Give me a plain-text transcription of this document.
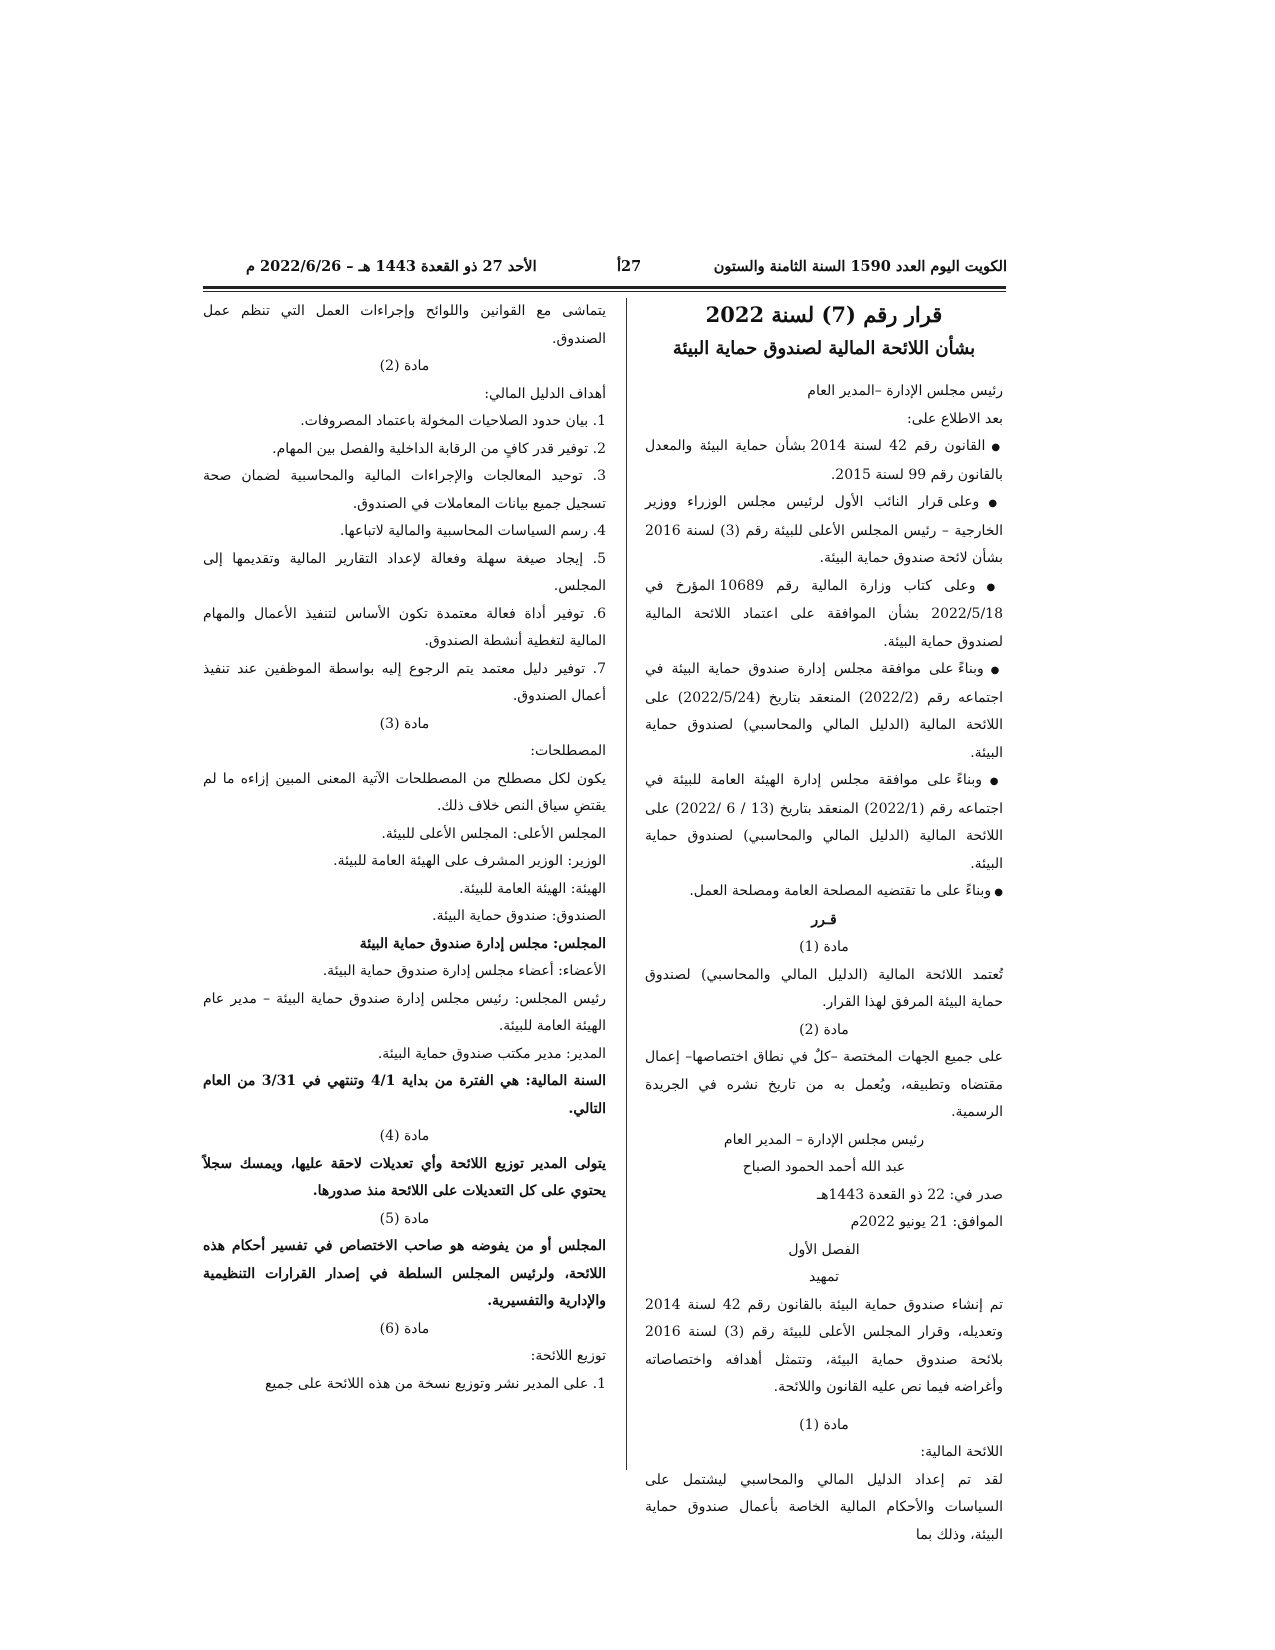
الكويت اليوم العدد 1590 السنة الثامنة والستون
27أ
الأحد 27 ذو القعدة 1443 هـ – 2022/6/26 م

قرار رقم (7) لسنة 2022

بشأن اللائحة المالية لصندوق حماية البيئة

رئيس مجلس الإدارة –المدير العام

بعد الاطلاع على:

● القانون رقم 42 لسنة 2014 بشأن حماية البيئة والمعدل بالقانون رقم 99 لسنة 2015.

● وعلى قرار النائب الأول لرئيس مجلس الوزراء ووزير الخارجية – رئيس المجلس الأعلى للبيئة رقم (3) لسنة 2016 بشأن لائحة صندوق حماية البيئة.

● وعلى كتاب وزارة المالية رقم 10689 المؤرخ في 2022/5/18 بشأن الموافقة على اعتماد اللائحة المالية لصندوق حماية البيئة.

● وبناءً على موافقة مجلس إدارة صندوق حماية البيئة في اجتماعه رقم (2022/2) المنعقد بتاريخ (2022/5/24) على اللائحة المالية (الدليل المالي والمحاسبي) لصندوق حماية البيئة.

● وبناءً على موافقة مجلس إدارة الهيئة العامة للبيئة في اجتماعه رقم (2022/1) المنعقد بتاريخ (13 / 6 /2022) على اللائحة المالية (الدليل المالي والمحاسبي) لصندوق حماية البيئة.

● وبناءً على ما تقتضيه المصلحة العامة ومصلحة العمل.

قـرر

مادة (1)

تُعتمد اللائحة المالية (الدليل المالي والمحاسبي) لصندوق حماية البيئة المرفق لهذا القرار.

مادة (2)

على جميع الجهات المختصة –كلٌ في نطاق اختصاصها– إعمال مقتضاه وتطبيقه، ويُعمل به من تاريخ نشره في الجريدة الرسمية.

رئيس مجلس الإدارة – المدير العام

عبد الله أحمد الحمود الصباح

صدر في: 22 ذو القعدة 1443هـ

الموافق: 21 يونيو 2022م

الفصل الأول

تمهيد

تم إنشاء صندوق حماية البيئة بالقانون رقم 42 لسنة 2014 وتعديله، وقرار المجلس الأعلى للبيئة رقم (3) لسنة 2016 بلائحة صندوق حماية البيئة، وتتمثل أهدافه واختصاصاته وأغراضه فيما نص عليه القانون واللائحة.

مادة (1)

اللائحة المالية:

لقد تم إعداد الدليل المالي والمحاسبي ليشتمل على السياسات والأحكام المالية الخاصة بأعمال صندوق حماية البيئة، وذلك بما

يتماشى مع القوانين واللوائح وإجراءات العمل التي تنظم عمل الصندوق.

مادة (2)

أهداف الدليل المالي:

1. بيان حدود الصلاحيات المخولة باعتماد المصروفات.

2. توفير قدر كافٍ من الرقابة الداخلية والفصل بين المهام.

3. توحيد المعالجات والإجراءات المالية والمحاسبية لضمان صحة تسجيل جميع بيانات المعاملات في الصندوق.

4. رسم السياسات المحاسبية والمالية لاتباعها.

5. إيجاد صيغة سهلة وفعالة لإعداد التقارير المالية وتقديمها إلى المجلس.

6. توفير أداة فعالة معتمدة تكون الأساس لتنفيذ الأعمال والمهام المالية لتغطية أنشطة الصندوق.

7. توفير دليل معتمد يتم الرجوع إليه بواسطة الموظفين عند تنفيذ أعمال الصندوق.

مادة (3)

المصطلحات:

يكون لكل مصطلح من المصطلحات الآتية المعنى المبين إزاءه ما لم يقتضِ سياق النص خلاف ذلك.

المجلس الأعلى: المجلس الأعلى للبيئة.

الوزير: الوزير المشرف على الهيئة العامة للبيئة.

الهيئة: الهيئة العامة للبيئة.

الصندوق: صندوق حماية البيئة.

المجلس: مجلس إدارة صندوق حماية البيئة

الأعضاء: أعضاء مجلس إدارة صندوق حماية البيئة.

رئيس المجلس: رئيس مجلس إدارة صندوق حماية البيئة – مدير عام الهيئة العامة للبيئة.

المدير: مدير مكتب صندوق حماية البيئة.

السنة المالية: هي الفترة من بداية 4/1 وتنتهي في 3/31 من العام التالي.

مادة (4)

يتولى المدير توزيع اللائحة وأي تعديلات لاحقة عليها، ويمسك سجلاً يحتوي على كل التعديلات على اللائحة منذ صدورها.

مادة (5)

المجلس أو من يفوضه هو صاحب الاختصاص في تفسير أحكام هذه اللائحة، ولرئيس المجلس السلطة في إصدار القرارات التنظيمية والإدارية والتفسيرية.

مادة (6)

توزيع اللائحة:

1. على المدير نشر وتوزيع نسخة من هذه اللائحة على جميع
